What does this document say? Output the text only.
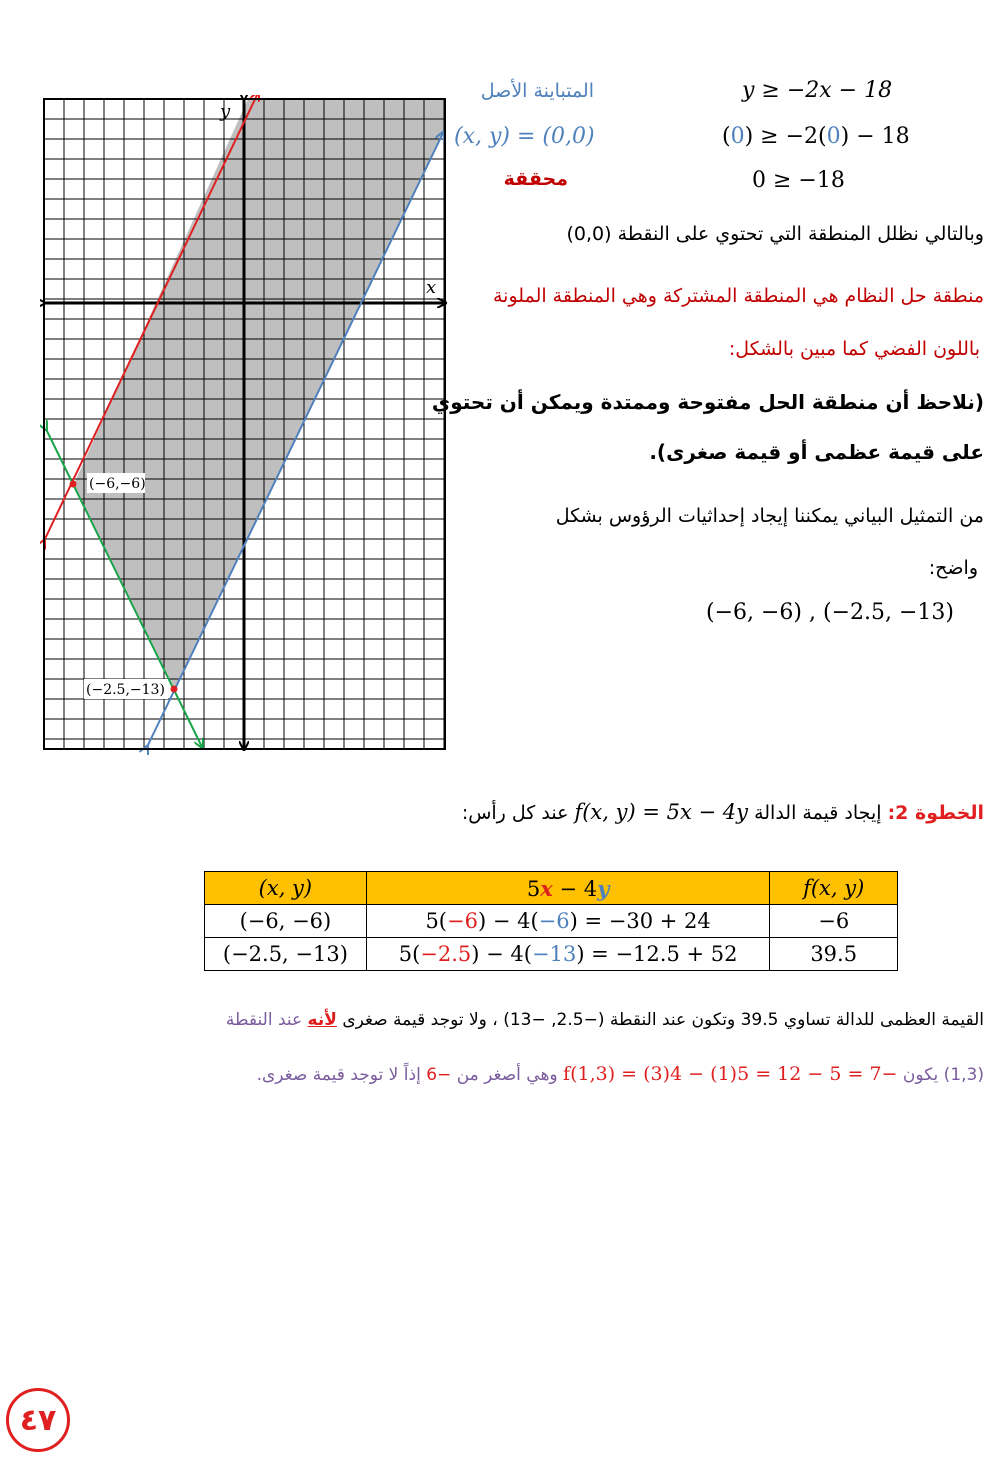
x
y
(−6,−6)
(−2.5,−13)
y ≥ −2x − 18
المتباينة الأصل
(0) ≥ −2(0) − 18
(x, y) = (0,0)
0 ≥ −18
محققة
وبالتالي نظلل المنطقة التي تحتوي على النقطة (0,0)
منطقة حل النظام هي المنطقة المشتركة وهي المنطقة الملونة
باللون الفضي كما مبين بالشكل:
(نلاحظ أن منطقة الحل مفتوحة وممتدة ويمكن أن تحتوي
على قيمة عظمى أو قيمة صغرى).
من التمثيل البياني يمكننا إيجاد إحداثيات الرؤوس بشكل
واضح:
(−6, −6) , (−2.5, −13)
الخطوة 2: إيجاد قيمة الدالة f(x, y) = 5x − 4y عند كل رأس:
(x, y)	5x − 4y	f(x, y)
(−6, −6)	5(−6) − 4(−6) = −30 + 24	−6
(−2.5, −13)	5(−2.5) − 4(−13) = −12.5 + 52	39.5
القيمة العظمى للدالة تساوي 39.5 وتكون عند النقطة (−2.5, −13) ، ولا توجد قيمة صغرى لأنه عند النقطة
(1,3) يكون −7 = 5 − 12 = 5(1) − 4(3) = f(1,3) وهي أصغر من −6 إذاً لا توجد قيمة صغرى.
٤٧
